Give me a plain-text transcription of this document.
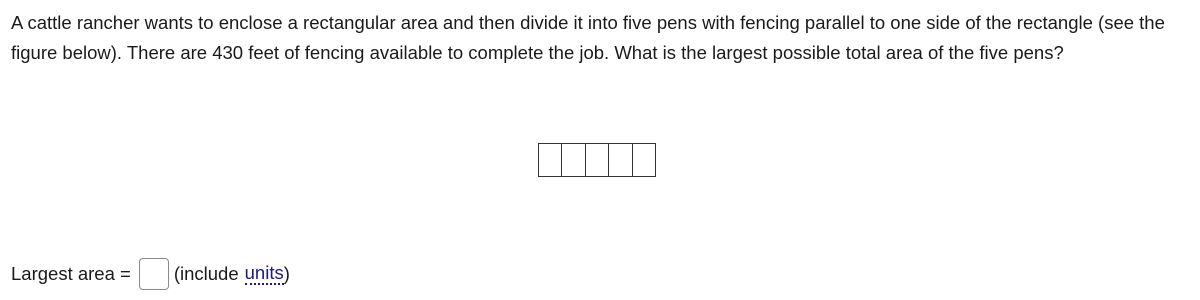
A cattle rancher wants to enclose a rectangular area and then divide it into five pens with fencing parallel to one side of the rectangle (see the figure below). There are 430 feet of fencing available to complete the job. What is the largest possible total area of the five pens?

Largest area = (include units )
